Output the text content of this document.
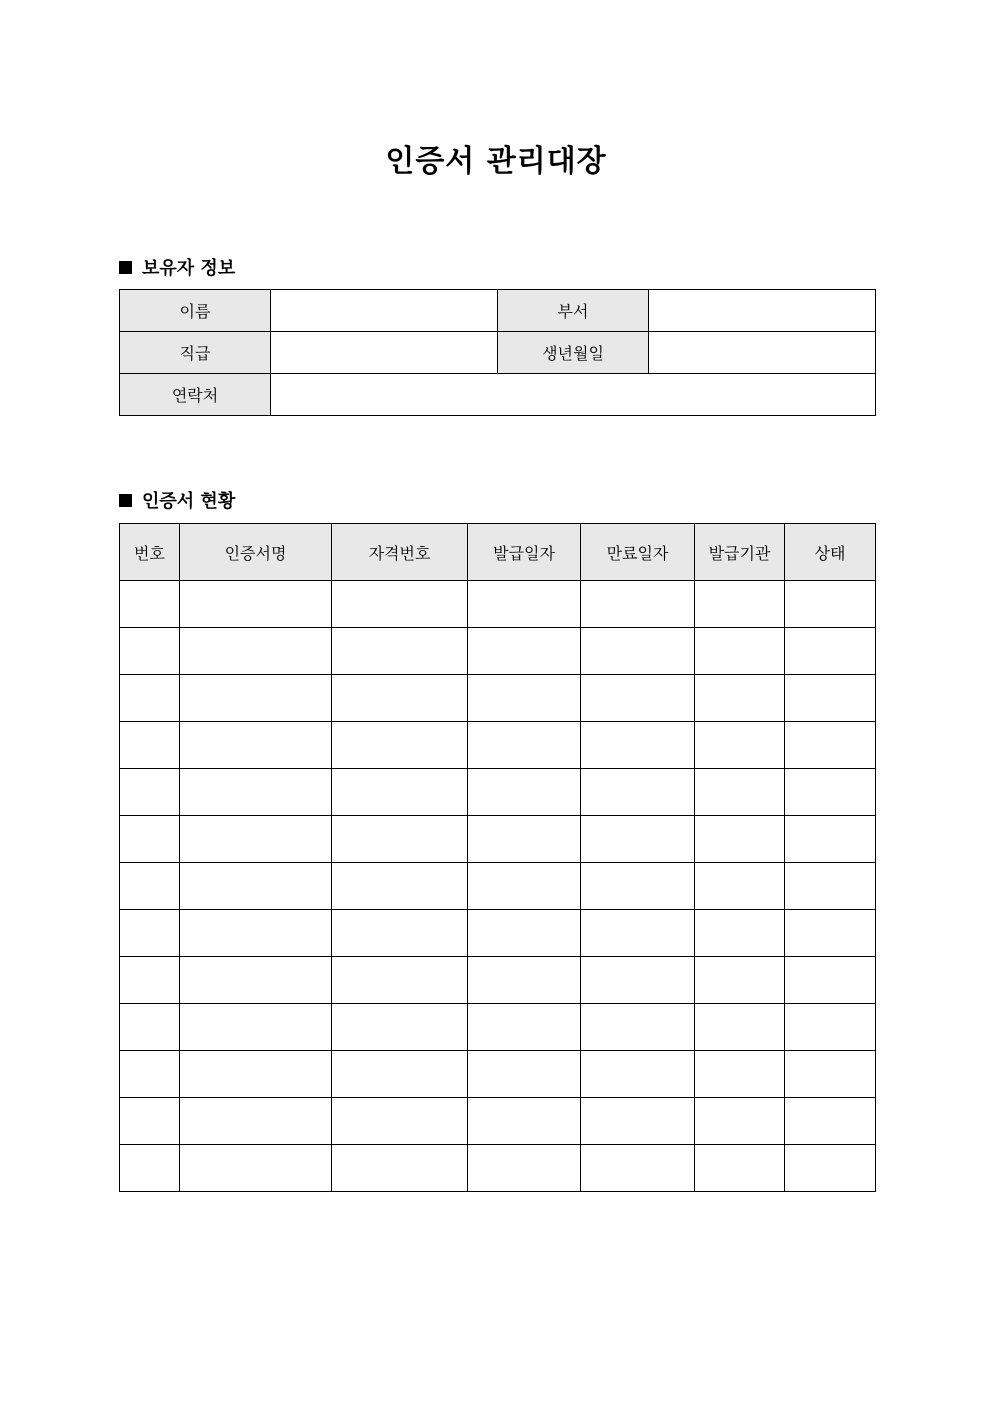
인증서 관리대장
보유자 정보
이름		부서	
직급		생년월일	
연락처			
인증서 현황
번호	인증서명	자격번호	발급일자	만료일자	발급기관	상태
